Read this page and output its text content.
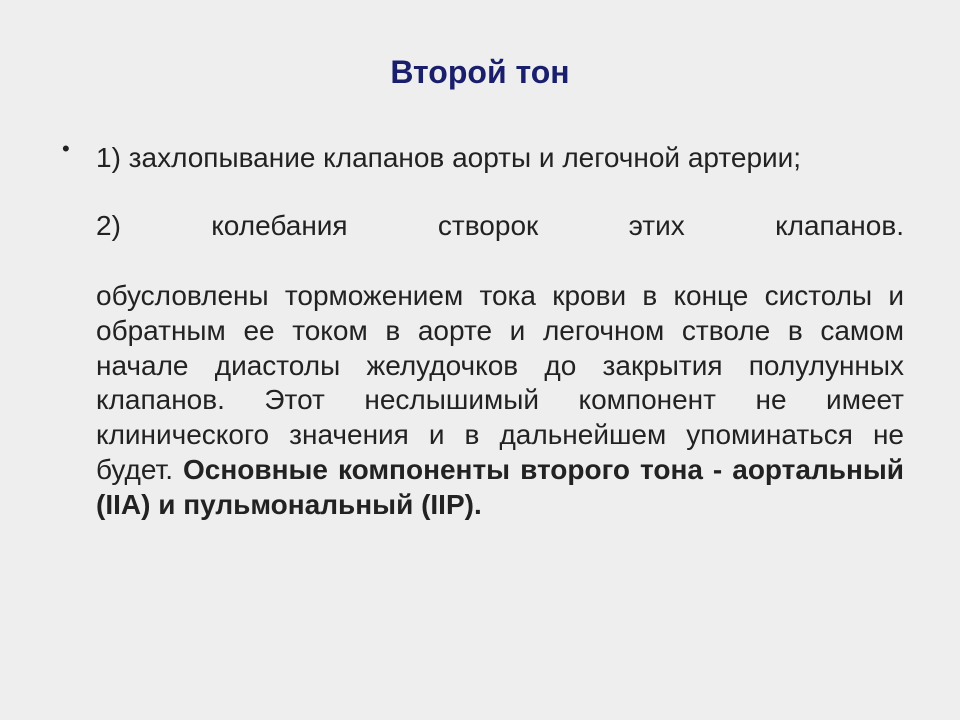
Второй тон
• 1) захлопывание клапанов аорты и легочной артерии;
2)	колебания	створок	этих	клапанов.
обусловлены торможением тока крови в конце систолы и обратным ее током в аорте и легочном стволе в самом начале диастолы желудочков до закрытия полулунных клапанов. Этот неслышимый компонент не имеет клинического значения и в дальнейшем упоминаться не будет. Основные компоненты второго тона - аортальный (IIA) и пульмональный (IIP).
